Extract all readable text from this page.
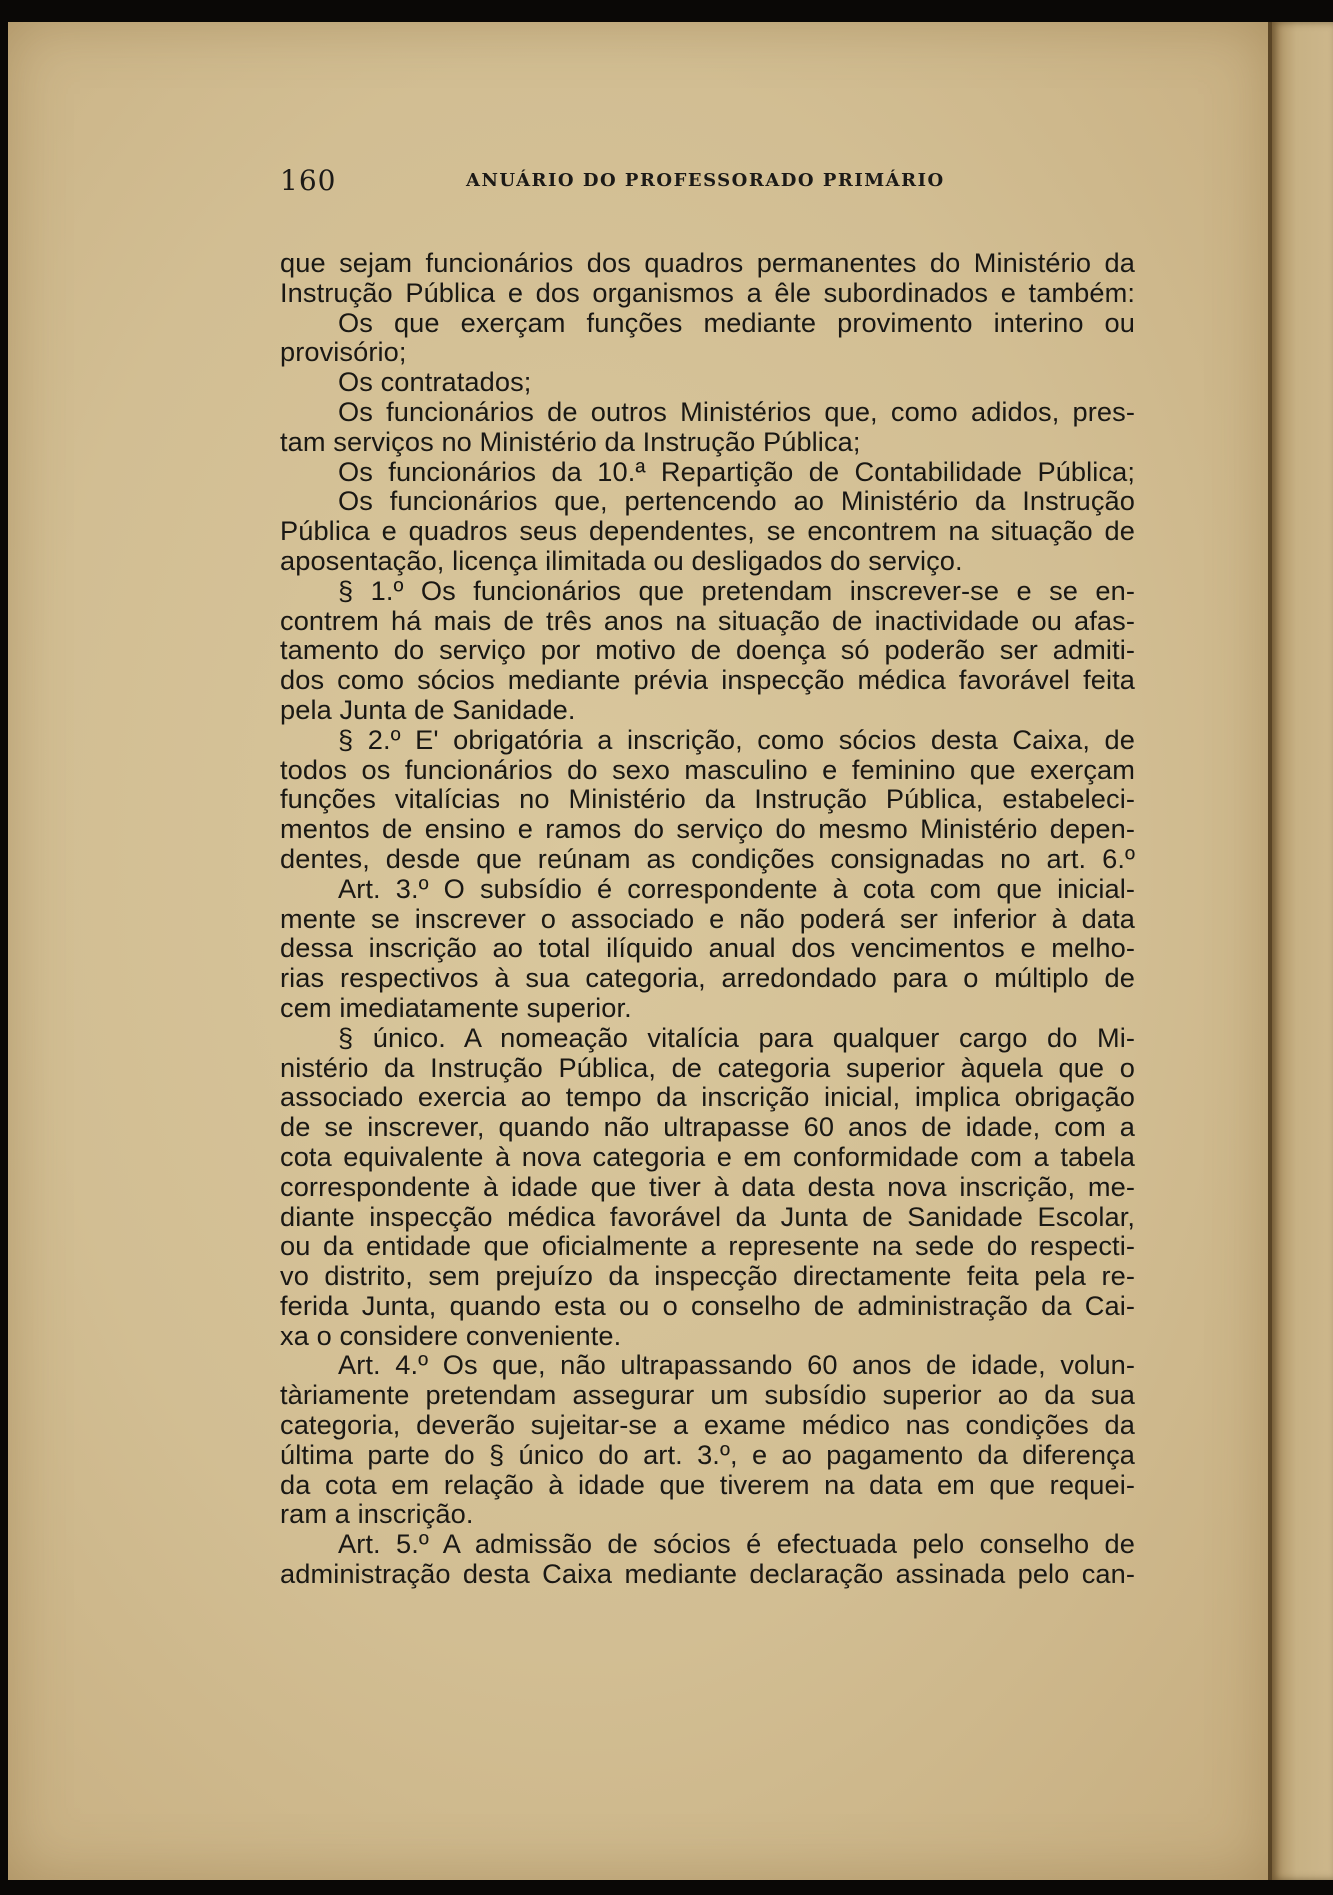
160	ANUÁRIO DO PROFESSORADO PRIMÁRIO
que sejam funcionários dos quadros permanentes do Ministério da
Instrução Pública e dos organismos a êle subordinados e também:
Os que exerçam funções mediante provimento interino ou
provisório;
Os contratados;
Os funcionários de outros Ministérios que, como adidos, pres-
tam serviços no Ministério da Instrução Pública;
Os funcionários da 10.ª Repartição de Contabilidade Pública;
Os funcionários que, pertencendo ao Ministério da Instrução
Pública e quadros seus dependentes, se encontrem na situação de
aposentação, licença ilimitada ou desligados do serviço.
§ 1.º Os funcionários que pretendam inscrever-se e se en-
contrem há mais de três anos na situação de inactividade ou afas-
tamento do serviço por motivo de doença só poderão ser admiti-
dos como sócios mediante prévia inspecção médica favorável feita
pela Junta de Sanidade.
§ 2.º E' obrigatória a inscrição, como sócios desta Caixa, de
todos os funcionários do sexo masculino e feminino que exerçam
funções vitalícias no Ministério da Instrução Pública, estabeleci-
mentos de ensino e ramos do serviço do mesmo Ministério depen-
dentes, desde que reúnam as condições consignadas no art. 6.º
Art. 3.º O subsídio é correspondente à cota com que inicial-
mente se inscrever o associado e não poderá ser inferior à data
dessa inscrição ao total ilíquido anual dos vencimentos e melho-
rias respectivos à sua categoria, arredondado para o múltiplo de
cem imediatamente superior.
§ único. A nomeação vitalícia para qualquer cargo do Mi-
nistério da Instrução Pública, de categoria superior àquela que o
associado exercia ao tempo da inscrição inicial, implica obrigação
de se inscrever, quando não ultrapasse 60 anos de idade, com a
cota equivalente à nova categoria e em conformidade com a tabela
correspondente à idade que tiver à data desta nova inscrição, me-
diante inspecção médica favorável da Junta de Sanidade Escolar,
ou da entidade que oficialmente a represente na sede do respecti-
vo distrito, sem prejuízo da inspecção directamente feita pela re-
ferida Junta, quando esta ou o conselho de administração da Cai-
xa o considere conveniente.
Art. 4.º Os que, não ultrapassando 60 anos de idade, volun-
tàriamente pretendam assegurar um subsídio superior ao da sua
categoria, deverão sujeitar-se a exame médico nas condições da
última parte do § único do art. 3.º, e ao pagamento da diferença
da cota em relação à idade que tiverem na data em que requei-
ram a inscrição.
Art. 5.º A admissão de sócios é efectuada pelo conselho de
administração desta Caixa mediante declaração assinada pelo can-
